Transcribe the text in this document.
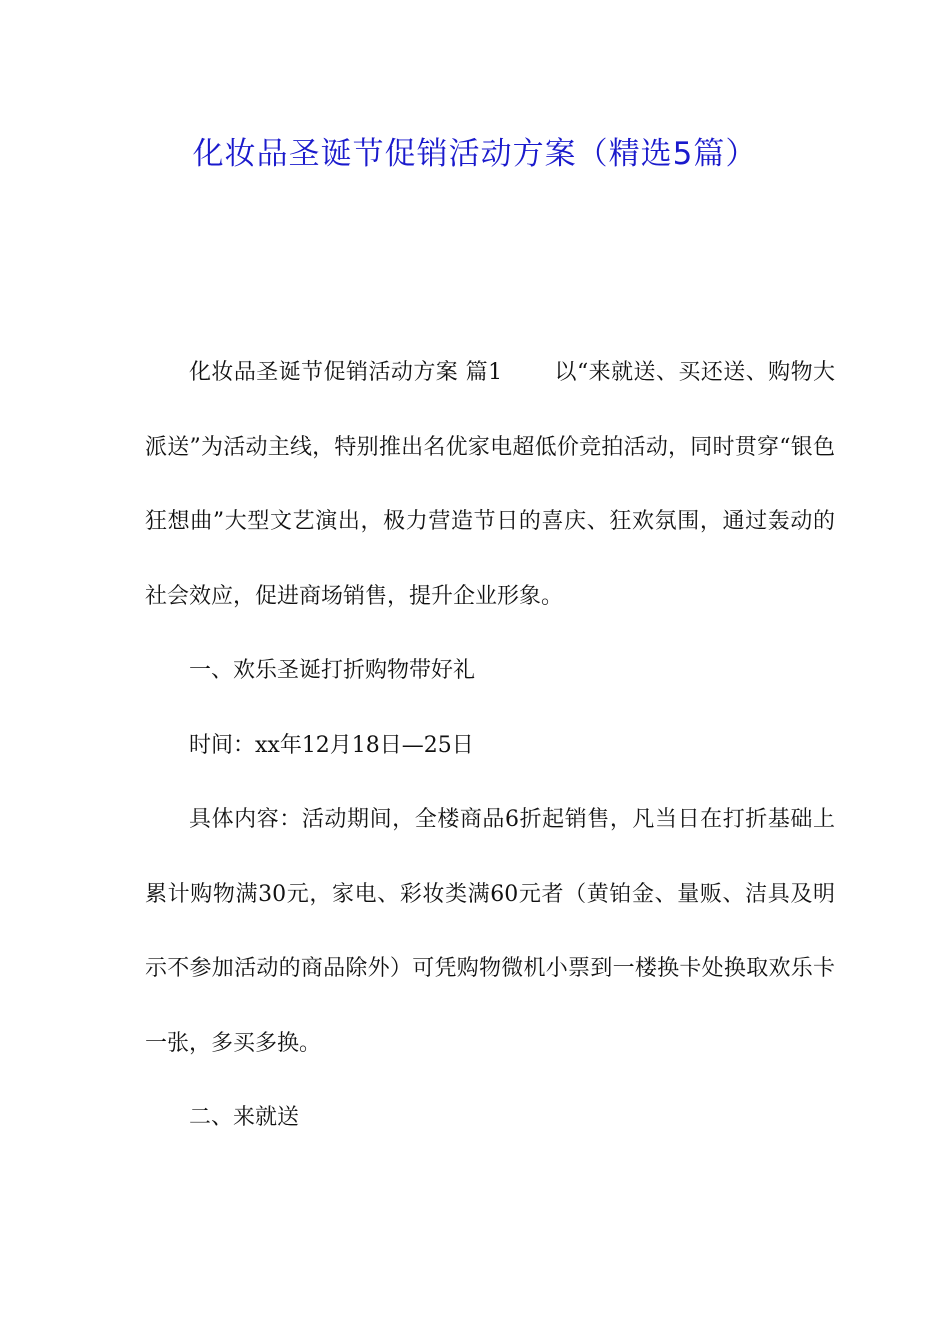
化妆品圣诞节促销活动方案（精选5篇）

化妆品圣诞节促销活动方案 篇1 以“来就送、买还送、购物大派送”为活动主线，特别推出名优家电超低价竞拍活动，同时贯穿“银色狂想曲”大型文艺演出，极力营造节日的喜庆、狂欢氛围，通过轰动的社会效应，促进商场销售，提升企业形象。

一、欢乐圣诞打折购物带好礼

时间：xx年12月18日—25日

具体内容：活动期间，全楼商品6折起销售，凡当日在打折基础上累计购物满30元，家电、彩妆类满60元者（黄铂金、量贩、洁具及明示不参加活动的商品除外）可凭购物微机小票到一楼换卡处换取欢乐卡一张，多买多换。

二、来就送
